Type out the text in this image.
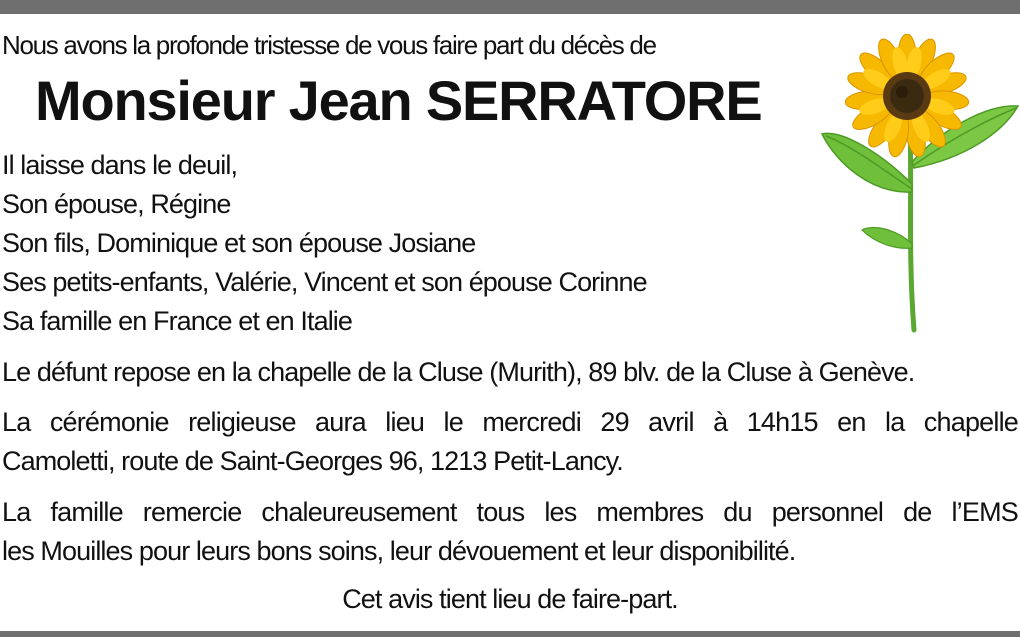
Nous avons la profonde tristesse de vous faire part du décès de
Monsieur Jean SERRATORE
Il laisse dans le deuil,
Son épouse, Régine
Son fils, Dominique et son épouse Josiane
Ses petits-enfants, Valérie, Vincent et son épouse Corinne
Sa famille en France et en Italie
Le défunt repose en la chapelle de la Cluse (Murith), 89 blv. de la Cluse à Genève.
La cérémonie religieuse aura lieu le mercredi 29 avril à 14h15 en la chapelle
Camoletti, route de Saint-Georges 96, 1213 Petit-Lancy.
La famille remercie chaleureusement tous les membres du personnel de l’EMS
les Mouilles pour leurs bons soins, leur dévouement et leur disponibilité.
Cet avis tient lieu de faire-part.
